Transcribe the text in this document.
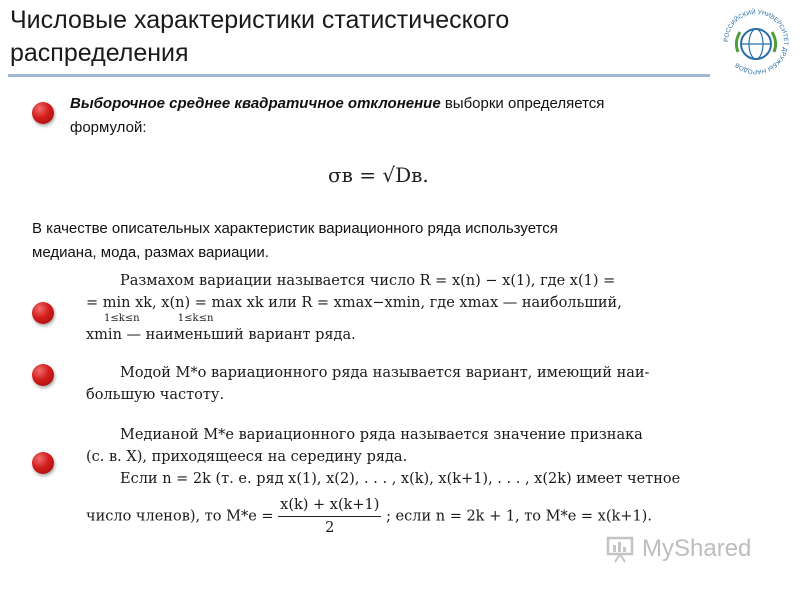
Числовые характеристики статистического
распределения	РОССИЙСКИЙ УНИВЕРСИТЕТ ДРУЖБЫ НАРОДОВ
Выборочное среднее квадратичное отклонение выборки определяется
формулой:
σв = √Dв.
В качестве описательных характеристик вариационного ряда используется
медиана, мода, размах вариации.
Размахом вариации называется число R = x(n) − x(1), где x(1) =
= min xk, x(n) = max xk или R = xmax−xmin, где xmax — наибольший,
1≤k≤n            1≤k≤n
xmin — наименьший вариант ряда.
Модой M*o вариационного ряда называется вариант, имеющий наи-
большую частоту.
Медианой M*e вариационного ряда называется значение признака
(с. в. X), приходящееся на середину ряда.
Если n = 2k (т. е. ряд x(1), x(2), . . . , x(k), x(k+1), . . . , x(2k) имеет четное
число членов), то $M*e = \frac{x(k) + x(k+1)}{2}$ ; если n = 2k + 1, то M*e = x(k+1).
MyShared
